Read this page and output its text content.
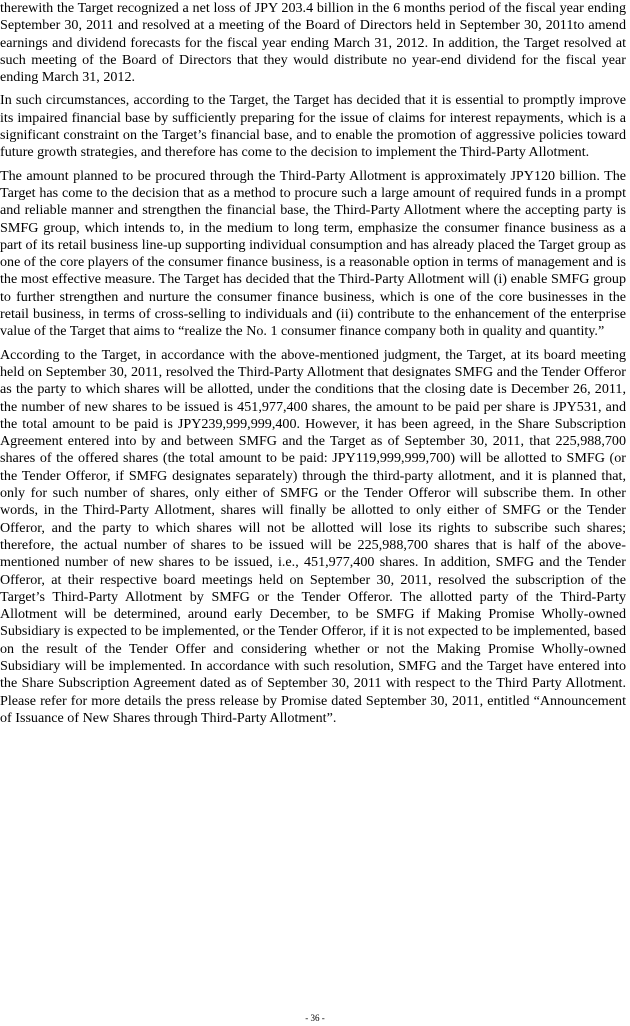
therewith the Target recognized a net loss of JPY 203.4 billion in the 6 months period of the fiscal year ending September 30, 2011 and resolved at a meeting of the Board of Directors held in September 30, 2011to amend earnings and dividend forecasts for the fiscal year ending March 31, 2012. In addition, the Target resolved at such meeting of the Board of Directors that they would distribute no year-end dividend for the fiscal year ending March 31, 2012.

In such circumstances, according to the Target, the Target has decided that it is essential to promptly improve its impaired financial base by sufficiently preparing for the issue of claims for interest repayments, which is a significant constraint on the Target’s financial base, and to enable the promotion of aggressive policies toward future growth strategies, and therefore has come to the decision to implement the Third-Party Allotment.

The amount planned to be procured through the Third-Party Allotment is approximately JPY120 billion. The Target has come to the decision that as a method to procure such a large amount of required funds in a prompt and reliable manner and strengthen the financial base, the Third-Party Allotment where the accepting party is SMFG group, which intends to, in the medium to long term, emphasize the consumer finance business as a part of its retail business line-up supporting individual consumption and has already placed the Target group as one of the core players of the consumer finance business, is a reasonable option in terms of management and is the most effective measure. The Target has decided that the Third-Party Allotment will (i) enable SMFG group to further strengthen and nurture the consumer finance business, which is one of the core businesses in the retail business, in terms of cross-selling to individuals and (ii) contribute to the enhancement of the enterprise value of the Target that aims to “realize the No. 1 consumer finance company both in quality and quantity.”

According to the Target, in accordance with the above-mentioned judgment, the Target, at its board meeting held on September 30, 2011, resolved the Third-Party Allotment that designates SMFG and the Tender Offeror as the party to which shares will be allotted, under the conditions that the closing date is December 26, 2011, the number of new shares to be issued is 451,977,400 shares, the amount to be paid per share is JPY531, and the total amount to be paid is JPY239,999,999,400. However, it has been agreed, in the Share Subscription Agreement entered into by and between SMFG and the Target as of September 30, 2011, that 225,988,700 shares of the offered shares (the total amount to be paid: JPY119,999,999,700) will be allotted to SMFG (or the Tender Offeror, if SMFG designates separately) through the third-party allotment, and it is planned that, only for such number of shares, only either of SMFG or the Tender Offeror will subscribe them. In other words, in the Third-Party Allotment, shares will finally be allotted to only either of SMFG or the Tender Offeror, and the party to which shares will not be allotted will lose its rights to subscribe such shares; therefore, the actual number of shares to be issued will be 225,988,700 shares that is half of the above-mentioned number of new shares to be issued, i.e., 451,977,400 shares. In addition, SMFG and the Tender Offeror, at their respective board meetings held on September 30, 2011, resolved the subscription of the Target’s Third-Party Allotment by SMFG or the Tender Offeror. The allotted party of the Third-Party Allotment will be determined, around early December, to be SMFG if Making Promise Wholly-owned Subsidiary is expected to be implemented, or the Tender Offeror, if it is not expected to be implemented, based on the result of the Tender Offer and considering whether or not the Making Promise Wholly-owned Subsidiary will be implemented. In accordance with such resolution, SMFG and the Target have entered into the Share Subscription Agreement dated as of September 30, 2011 with respect to the Third Party Allotment. Please refer for more details the press release by Promise dated September 30, 2011, entitled “Announcement of Issuance of New Shares through Third-Party Allotment”.

- 36 -
